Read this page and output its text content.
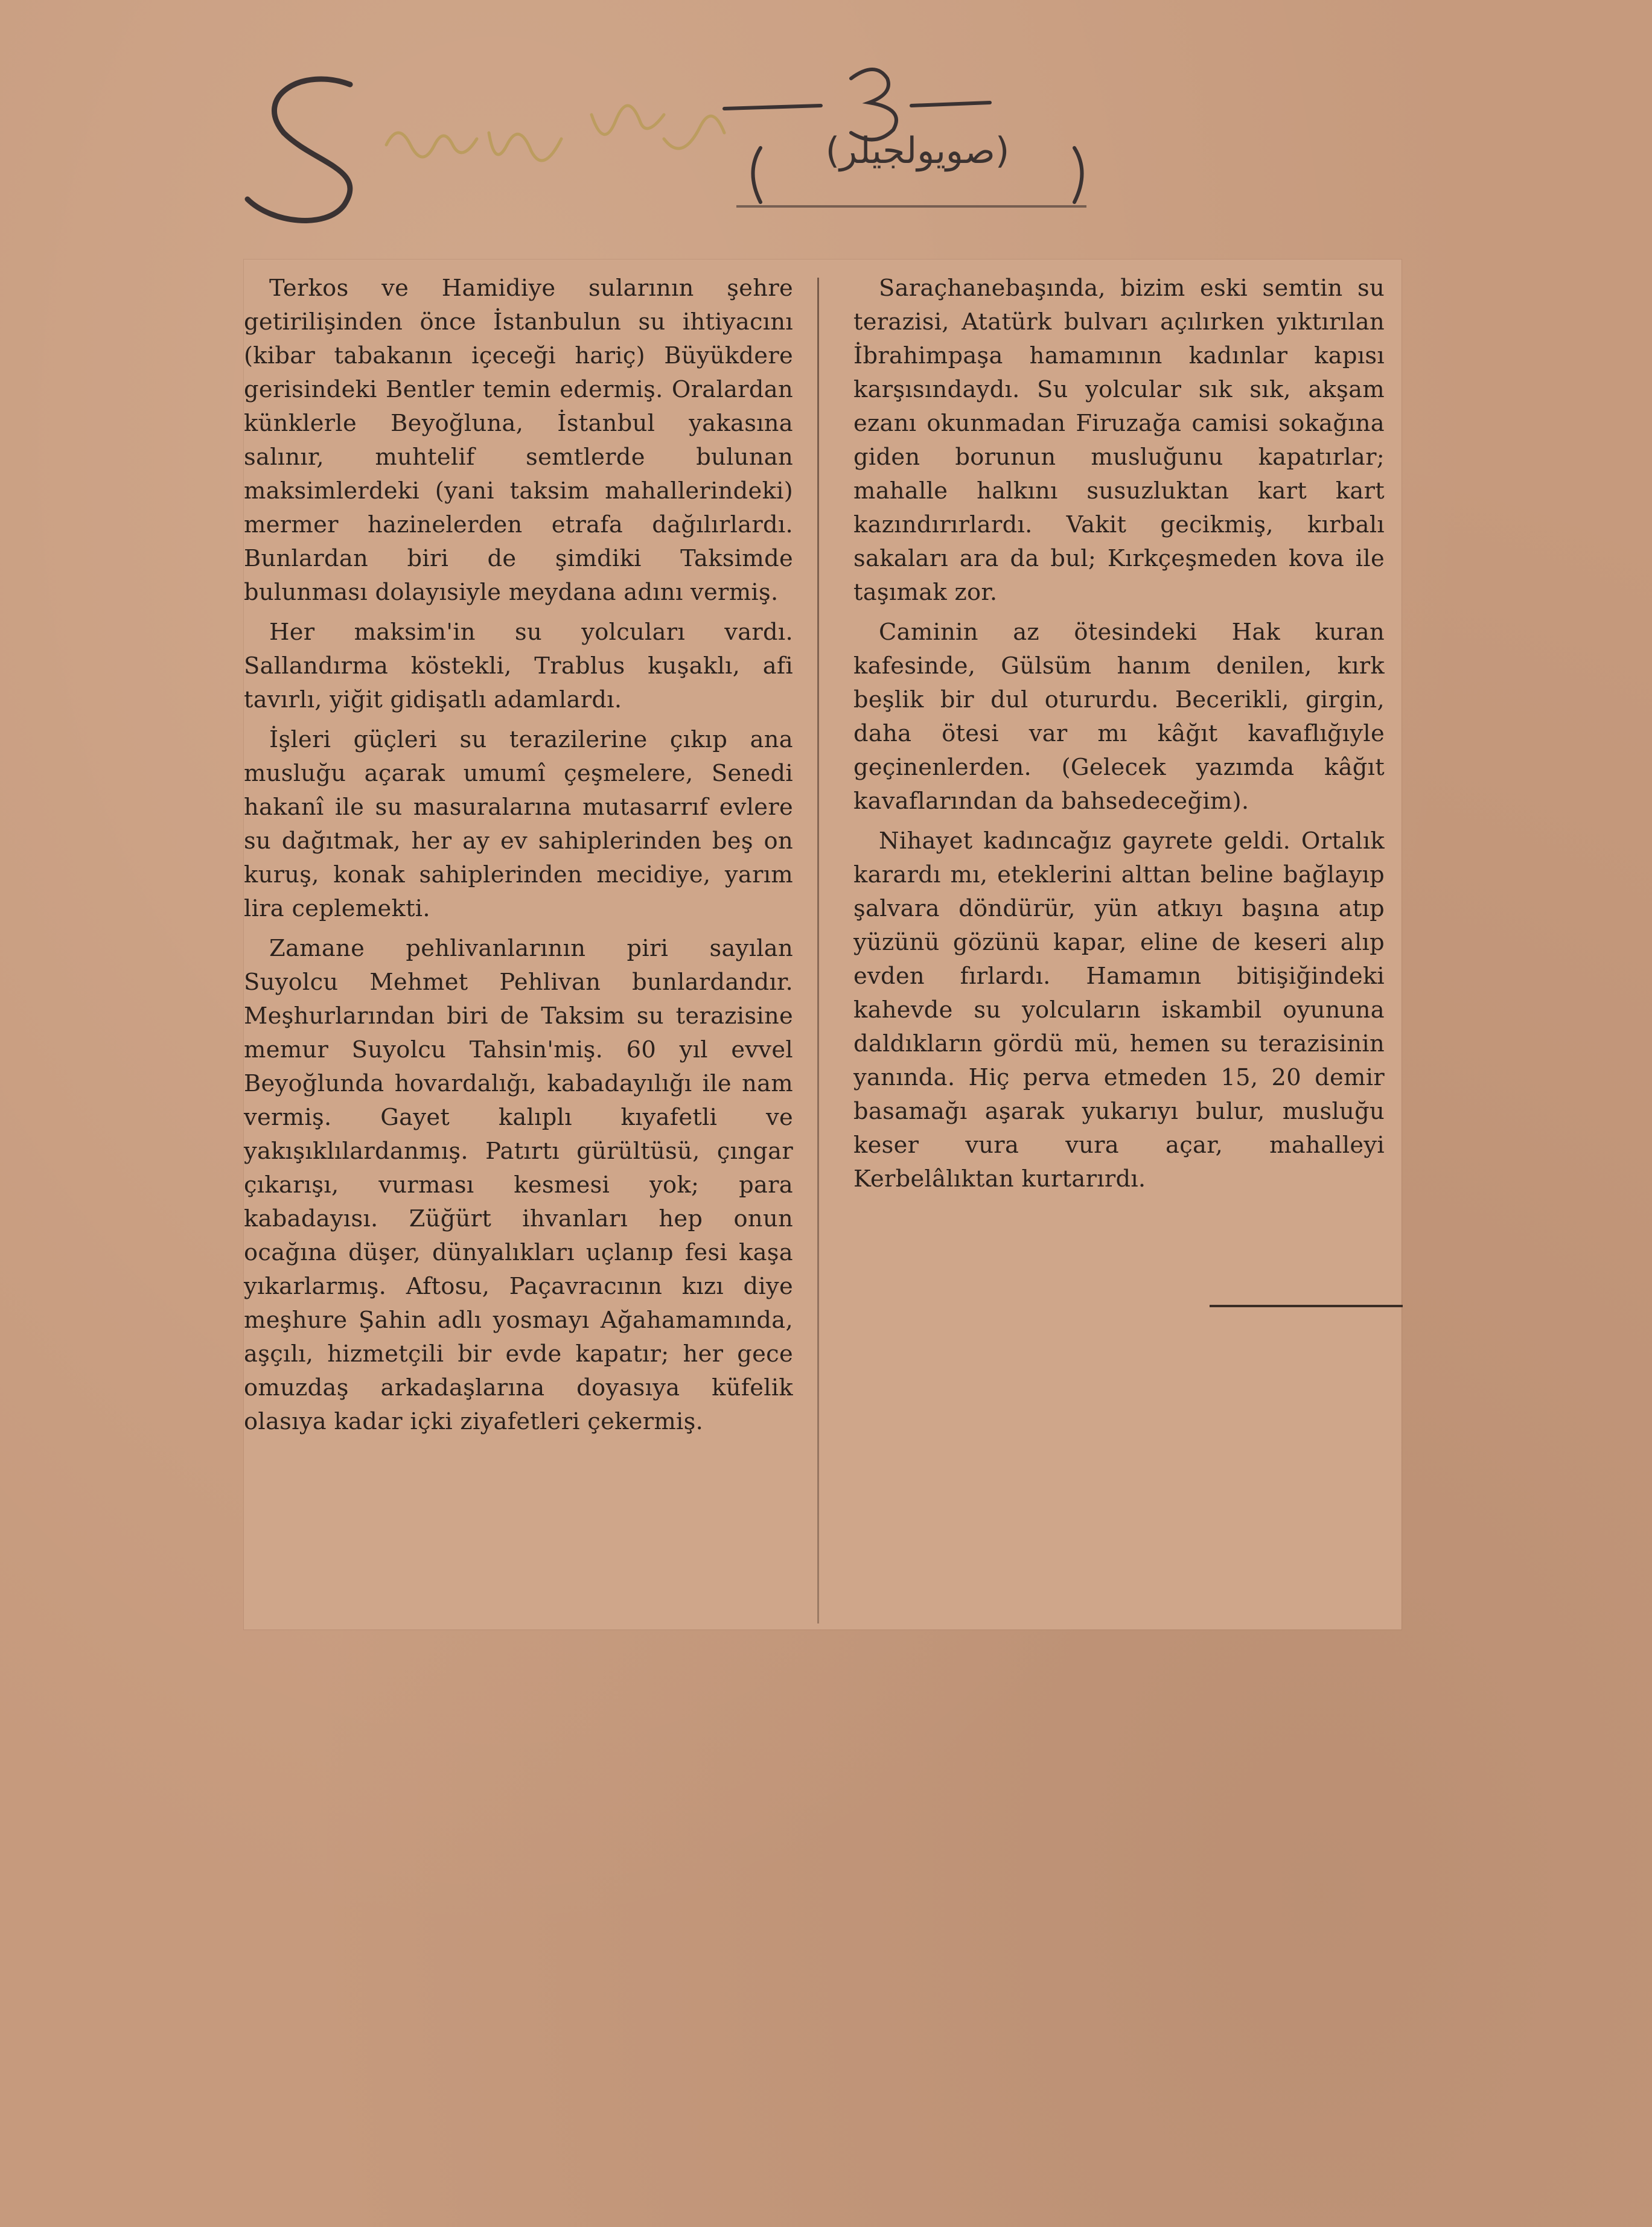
(صويولجيلر)

Terkos ve Hamidiye sularının şehre getirilişinden önce İstanbulun su ihtiyacını (kibar tabakanın içeceği hariç) Büyükdere gerisindeki Bentler temin edermiş. Oralardan künklerle Beyoğluna, İstanbul yakasına salınır, muhtelif semtlerde bulunan maksimlerdeki (yani taksim mahallerindeki) mermer hazinelerden etrafa dağılırlardı. Bunlardan biri de şimdiki Taksimde bulunması dolayısiyle meydana adını vermiş.

Her maksim'in su yolcuları vardı. Sallandırma köstekli, Trablus kuşaklı, afi tavırlı, yiğit gidişatlı adamlardı.

İşleri güçleri su terazilerine çıkıp ana musluğu açarak umumî çeşmelere, Senedi hakanî ile su masuralarına mutasarrıf evlere su dağıtmak, her ay ev sahiplerinden beş on kuruş, konak sahiplerinden mecidiye, yarım lira ceplemekti.

Zamane pehlivanlarının piri sayılan Suyolcu Mehmet Pehlivan bunlardandır. Meşhurlarından biri de Taksim su terazisine memur Suyolcu Tahsin'miş. 60 yıl evvel Beyoğlunda hovardalığı, kabadayılığı ile nam vermiş. Gayet kalıplı kıyafetli ve yakışıklılardanmış. Patırtı gürültüsü, çıngar çıkarışı, vurması kesmesi yok; para kabadayısı. Züğürt ihvanları hep onun ocağına düşer, dünyalıkları uçlanıp fesi kaşa yıkarlarmış. Aftosu, Paçavracının kızı diye meşhure Şahin adlı yosmayı Ağahamamında, aşçılı, hizmetçili bir evde kapatır; her gece omuzdaş arkadaşlarına doyasıya küfelik olasıya kadar içki ziyafetleri çekermiş.

Saraçhanebaşında, bizim eski semtin su terazisi, Atatürk bulvarı açılırken yıktırılan İbrahimpaşa hamamının kadınlar kapısı karşısındaydı. Su yolcular sık sık, akşam ezanı okunmadan Firuzağa camisi sokağına giden borunun musluğunu kapatırlar; mahalle halkını susuzluktan kart kart kazındırırlardı. Vakit gecikmiş, kırbalı sakaları ara da bul; Kırkçeşmeden kova ile taşımak zor.

Caminin az ötesindeki Hak kuran kafesinde, Gülsüm hanım denilen, kırk beşlik bir dul otururdu. Becerikli, girgin, daha ötesi var mı kâğıt kavaflığıyle geçinenlerden. (Gelecek yazımda kâğıt kavaflarından da bahsedeceğim).

Nihayet kadıncağız gayrete geldi. Ortalık karardı mı, eteklerini alttan beline bağlayıp şalvara döndürür, yün atkıyı başına atıp yüzünü gözünü kapar, eline de keseri alıp evden fırlardı. Hamamın bitişiğindeki kahevde su yolcuların iskambil oyununa daldıkların gördü mü, hemen su terazisinin yanında. Hiç perva etmeden 15, 20 demir basamağı aşarak yukarıyı bulur, musluğu keser vura vura açar, mahalleyi Kerbelâlıktan kurtarırdı.
